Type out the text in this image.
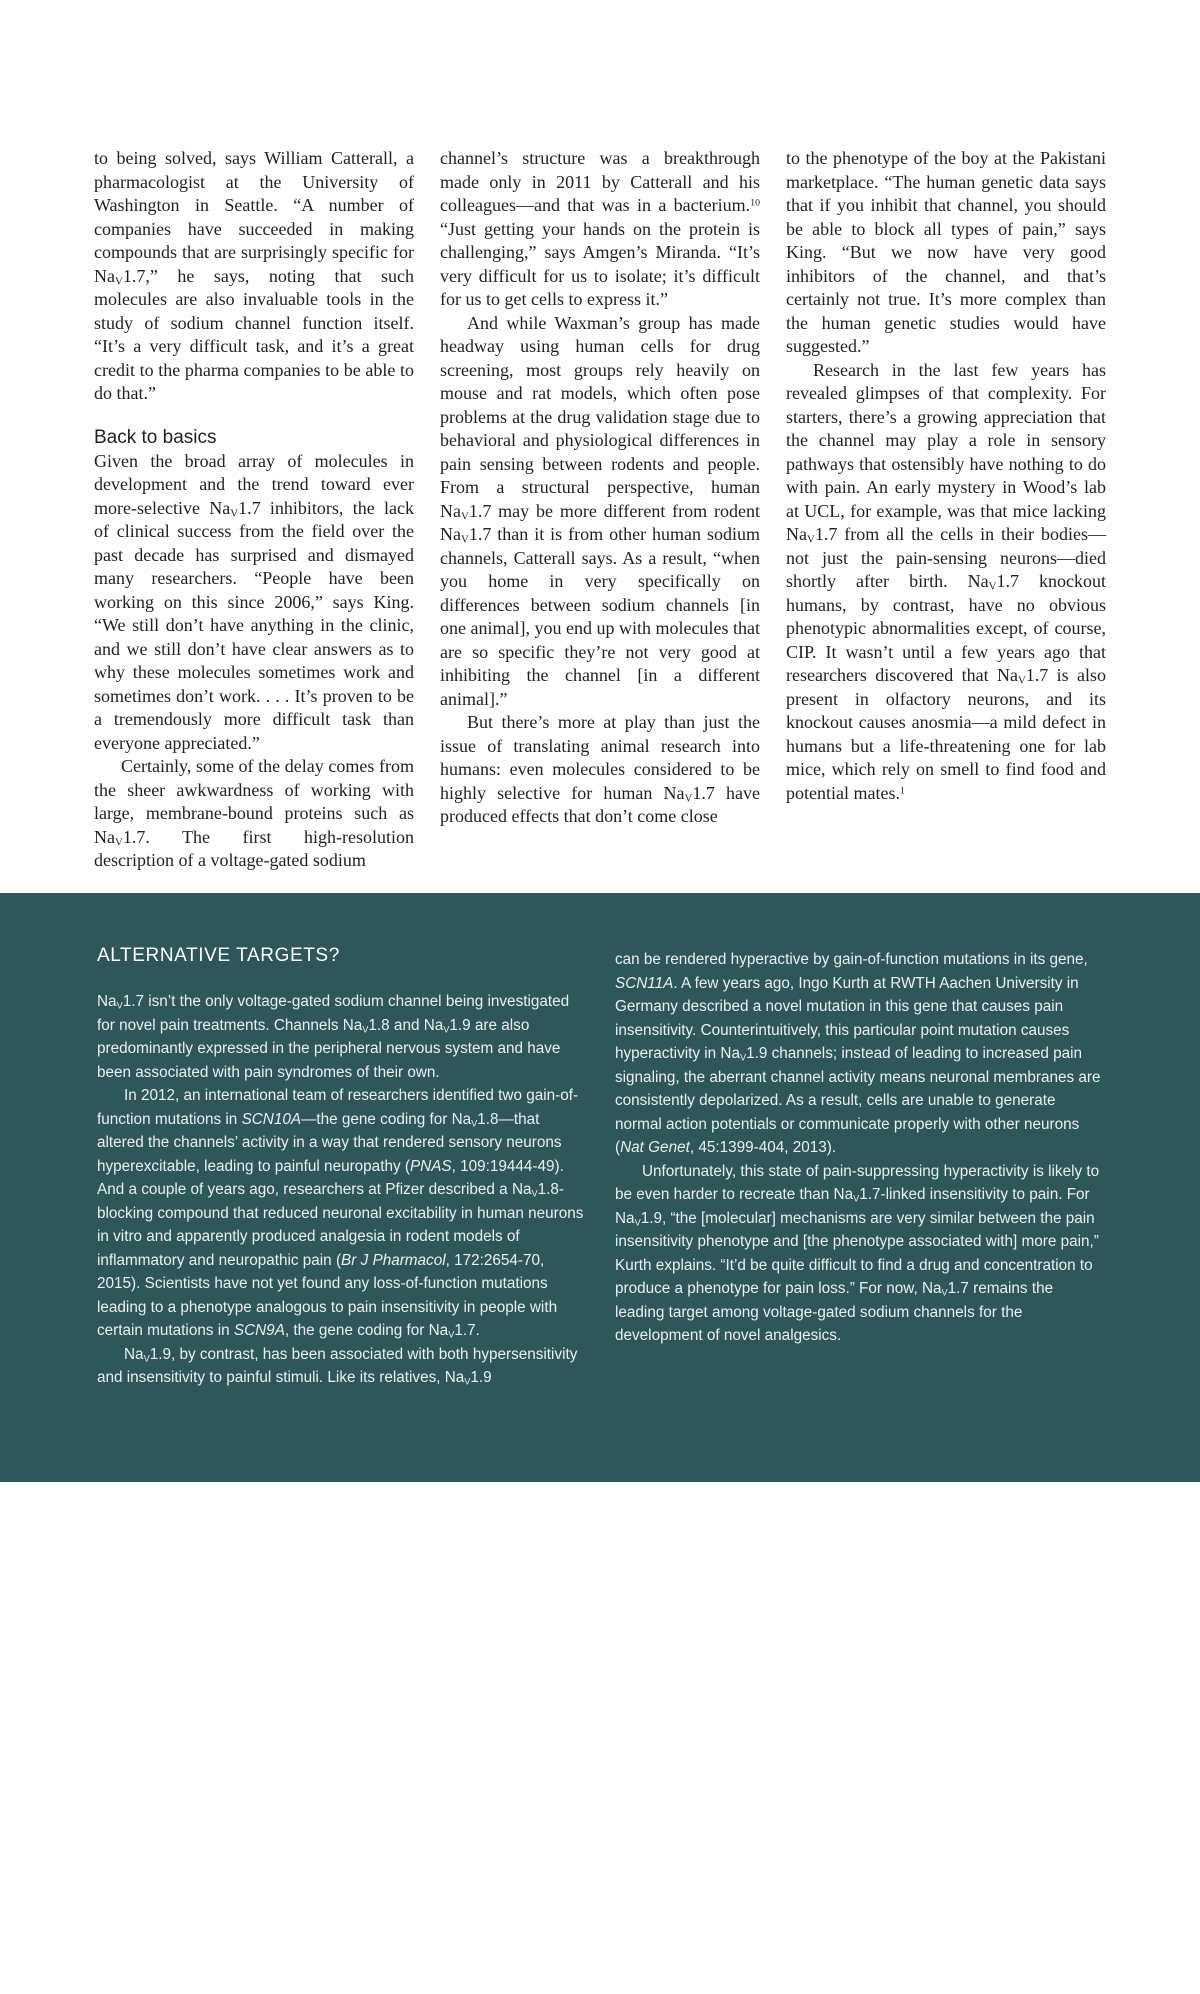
to being solved, says William Catterall, a pharmacologist at the University of Washington in Seattle. “A number of companies have succeeded in making compounds that are surprisingly specific for $Na_V1.7$,” he says, noting that such molecules are also invaluable tools in the study of sodium channel function itself. “It’s a very difficult task, and it’s a great credit to the pharma companies to be able to do that.”

Back to basics

Given the broad array of molecules in development and the trend toward ever more-selective $Na_V1.7$ inhibitors, the lack of clinical success from the field over the past decade has surprised and dismayed many researchers. “People have been working on this since 2006,” says King. “We still don’t have anything in the clinic, and we still don’t have clear answers as to why these molecules sometimes work and sometimes don’t work. . . . It’s proven to be a tremendously more difficult task than everyone appreciated.”

Certainly, some of the delay comes from the sheer awkwardness of working with large, membrane-bound proteins such as $Na_V1.7$. The first high-resolution description of a voltage-gated sodium

channel’s structure was a breakthrough made only in 2011 by Catterall and his colleagues—and that was in a bacterium.$^{10}$ “Just getting your hands on the protein is challenging,” says Amgen’s Miranda. “It’s very difficult for us to isolate; it’s difficult for us to get cells to express it.”

And while Waxman’s group has made headway using human cells for drug screening, most groups rely heavily on mouse and rat models, which often pose problems at the drug validation stage due to behavioral and physiological differences in pain sensing between rodents and people. From a structural perspective, human $Na_V1.7$ may be more different from rodent $Na_V1.7$ than it is from other human sodium channels, Catterall says. As a result, “when you home in very specifically on differences between sodium channels [in one animal], you end up with molecules that are so specific they’re not very good at inhibiting the channel [in a different animal].”

But there’s more at play than just the issue of translating animal research into humans: even molecules considered to be highly selective for human $Na_V1.7$ have produced effects that don’t come close

to the phenotype of the boy at the Pakistani marketplace. “The human genetic data says that if you inhibit that channel, you should be able to block all types of pain,” says King. “But we now have very good inhibitors of the channel, and that’s certainly not true. It’s more complex than the human genetic studies would have suggested.”

Research in the last few years has revealed glimpses of that complexity. For starters, there’s a growing appreciation that the channel may play a role in sensory pathways that ostensibly have nothing to do with pain. An early mystery in Wood’s lab at UCL, for example, was that mice lacking $Na_V1.7$ from all the cells in their bodies—not just the pain-sensing neurons—died shortly after birth. $Na_V1.7$ knockout humans, by contrast, have no obvious phenotypic abnormalities except, of course, CIP. It wasn’t until a few years ago that researchers discovered that $Na_V1.7$ is also present in olfactory neurons, and its knockout causes anosmia—a mild defect in humans but a life-threatening one for lab mice, which rely on smell to find food and potential mates.$^1$

ALTERNATIVE TARGETS?

$Na_V1.7$ isn’t the only voltage-gated sodium channel being investigated for novel pain treatments. Channels $Na_V1.8$ and $Na_V1.9$ are also predominantly expressed in the peripheral nervous system and have been associated with pain syndromes of their own.

In 2012, an international team of researchers identified two gain-of-function mutations in SCN10A—the gene coding for $Na_V1.8—that$ altered the channels’ activity in a way that rendered sensory neurons hyperexcitable, leading to painful neuropathy (PNAS, 109:19444-49). And a couple of years ago, researchers at Pfizer described a $Na_V1.8$-blocking compound that reduced neuronal excitability in human neurons in vitro and apparently produced analgesia in rodent models of inflammatory and neuropathic pain (Br J Pharmacol, 172:2654-70, 2015). Scientists have not yet found any loss-of-function mutations leading to a phenotype analogous to pain insensitivity in people with certain mutations in SCN9A, the gene coding for $Na_V1.7$.

$Na_V1.9$, by contrast, has been associated with both hypersensitivity and insensitivity to painful stimuli. Like its relatives, $Na_V1.9$

can be rendered hyperactive by gain-of-function mutations in its gene, SCN11A. A few years ago, Ingo Kurth at RWTH Aachen University in Germany described a novel mutation in this gene that causes pain insensitivity. Counterintuitively, this particular point mutation causes hyperactivity in $Na_V1.9$ channels; instead of leading to increased pain signaling, the aberrant channel activity means neuronal membranes are consistently depolarized. As a result, cells are unable to generate normal action potentials or communicate properly with other neurons (Nat Genet, 45:1399-404, 2013).

Unfortunately, this state of pain-suppressing hyperactivity is likely to be even harder to recreate than $Na_V1.7$-linked insensitivity to pain. For $Na_V1.9$, “the [molecular] mechanisms are very similar between the pain insensitivity phenotype and [the phenotype associated with] more pain,” Kurth explains. “It’d be quite difficult to find a drug and concentration to produce a phenotype for pain loss.” For now, $Na_V1.7$ remains the leading target among voltage-gated sodium channels for the development of novel analgesics.

32 THE SCIENTIST | the-scientist.com
